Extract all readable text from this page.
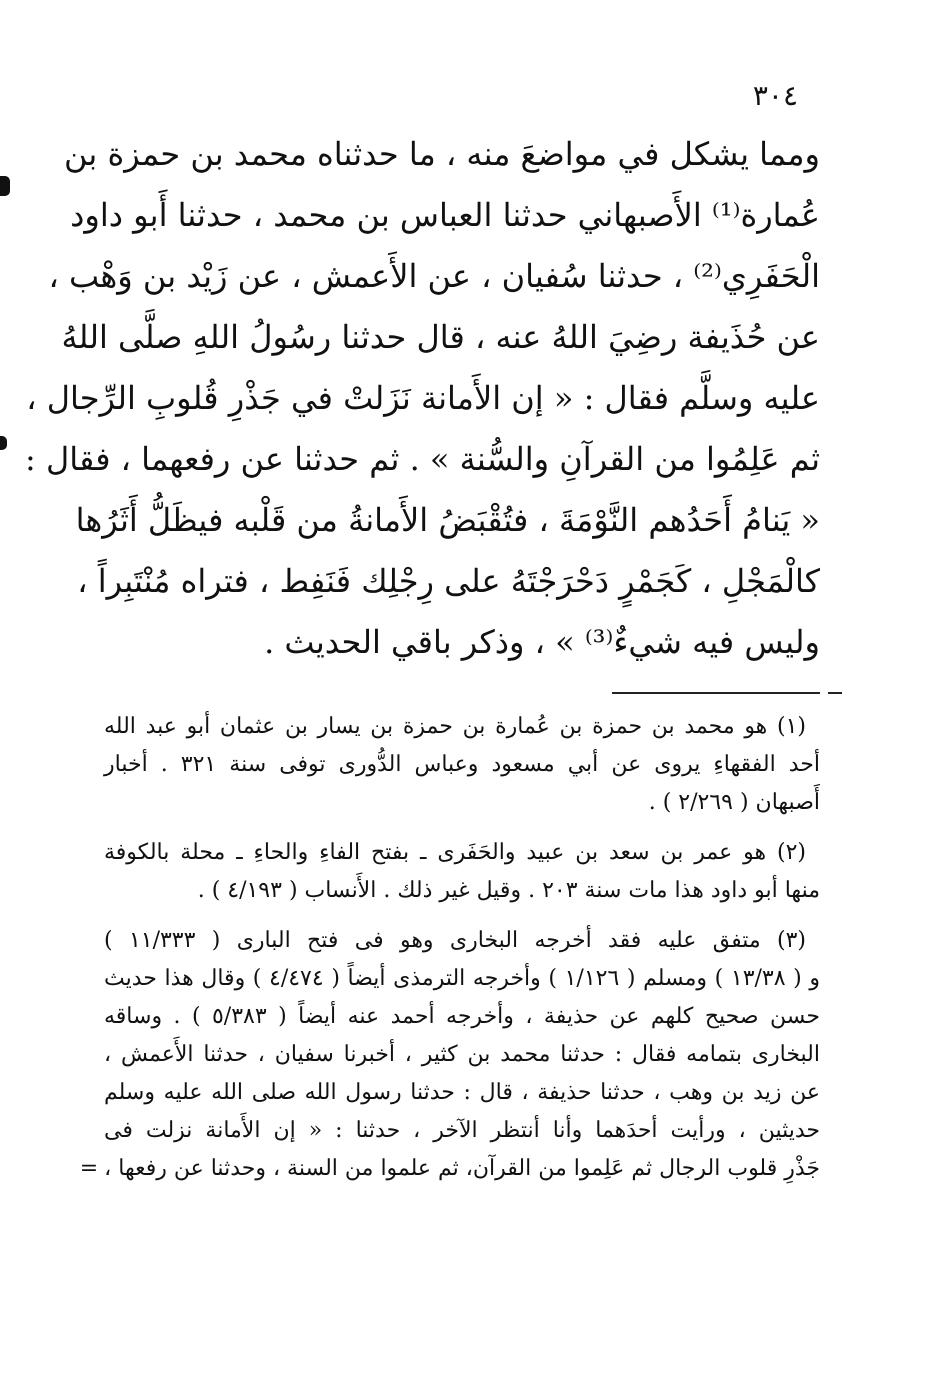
٣٠٤
ومما يشكل في مواضعَ منه ، ما حدثناه محمد بن حمزة بن
عُمارة⁽¹⁾ الأَصبهاني حدثنا العباس بن محمد ، حدثنا أَبو داود
الْحَفَرِي⁽²⁾ ، حدثنا سُفيان ، عن الأَعمش ، عن زَيْد بن وَهْب ،
عن حُذَيفة رضِيَ اللهُ عنه ، قال حدثنا رسُولُ اللهِ صلَّى اللهُ
عليه وسلَّم فقال : « إن الأَمانة نَزَلتْ في جَذْرِ قُلوبِ الرِّجال ،
ثم عَلِمُوا من القرآنِ والسُّنة » . ثم حدثنا عن رفعهما ، فقال :
« يَنامُ أَحَدُهم النَّوْمَةَ ، فتُقْبَضُ الأَمانةُ من قَلْبه فيظَلُّ أَثَرُها
كالْمَجْلِ ، كَجَمْرٍ دَحْرَجْتَهُ على رِجْلِك فَنَفِط ، فتراه مُنْتَبِراً ،
وليس فيه شيءٌ⁽³⁾ » ، وذكر باقي الحديث .
(١) هو محمد بن حمزة بن عُمارة بن حمزة بن يسار بن عثمان أبو عبد الله
أحد الفقهاءِ يروى عن أبي مسعود وعباس الدُّورى توفى سنة ٣٢١ . أخبار
أَصبهان ( ٢/٢٦٩ ) .
(٢) هو عمر بن سعد بن عبيد والحَفَرى ـ بفتح الفاءِ والحاءِ ـ محلة بالكوفة
منها أبو داود هذا مات سنة ٢٠٣ . وقيل غير ذلك . الأَنساب ( ٤/١٩٣ ) .
(٣) متفق عليه فقد أخرجه البخارى وهو فى فتح البارى ( ١١/٣٣٣ )
و ( ١٣/٣٨ ) ومسلم ( ١/١٢٦ ) وأخرجه الترمذى أيضاً ( ٤/٤٧٤ ) وقال هذا حديث
حسن صحيح كلهم عن حذيفة ، وأخرجه أحمد عنه أيضاً ( ٥/٣٨٣ ) . وساقه
البخارى بتمامه فقال : حدثنا محمد بن كثير ، أخبرنا سفيان ، حدثنا الأَعمش ،
عن زيد بن وهب ، حدثنا حذيفة ، قال : حدثنا رسول الله صلى الله عليه وسلم
حديثين ، ورأيت أحدَهما وأنا أنتظر الآخر ، حدثنا : « إن الأَمانة نزلت فى
جَذْرِ قلوب الرجال ثم عَلِموا من القرآن، ثم علموا من السنة ، وحدثنا عن رفعها ،=
